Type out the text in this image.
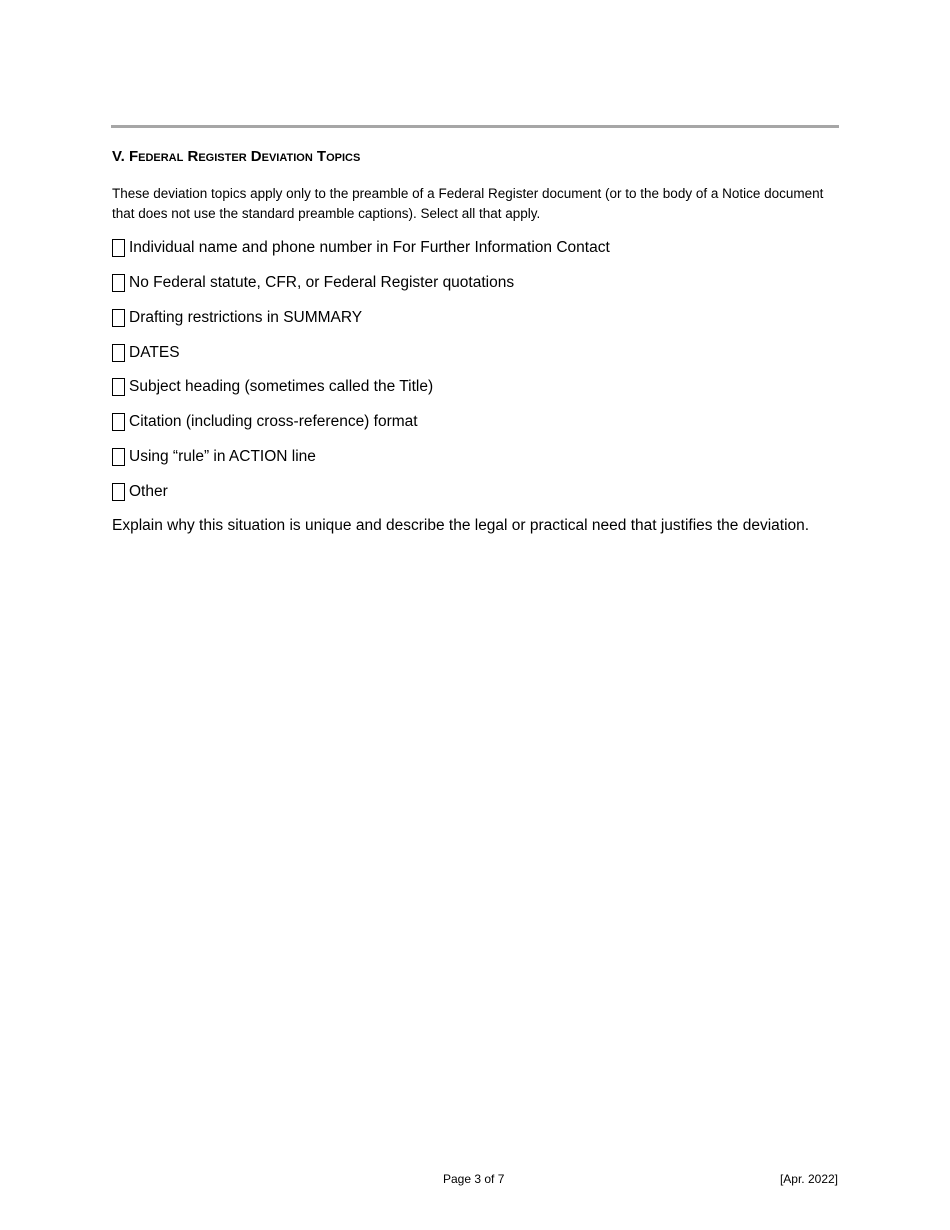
V. Federal Register Deviation Topics
These deviation topics apply only to the preamble of a Federal Register document (or to the body of a Notice document that does not use the standard preamble captions). Select all that apply.
Individual name and phone number in For Further Information Contact
No Federal statute, CFR, or Federal Register quotations
Drafting restrictions in SUMMARY
DATES
Subject heading (sometimes called the Title)
Citation (including cross-reference) format
Using “rule” in ACTION line
Other
Explain why this situation is unique and describe the legal or practical need that justifies the deviation.
Page 3 of 7	[Apr. 2022]
